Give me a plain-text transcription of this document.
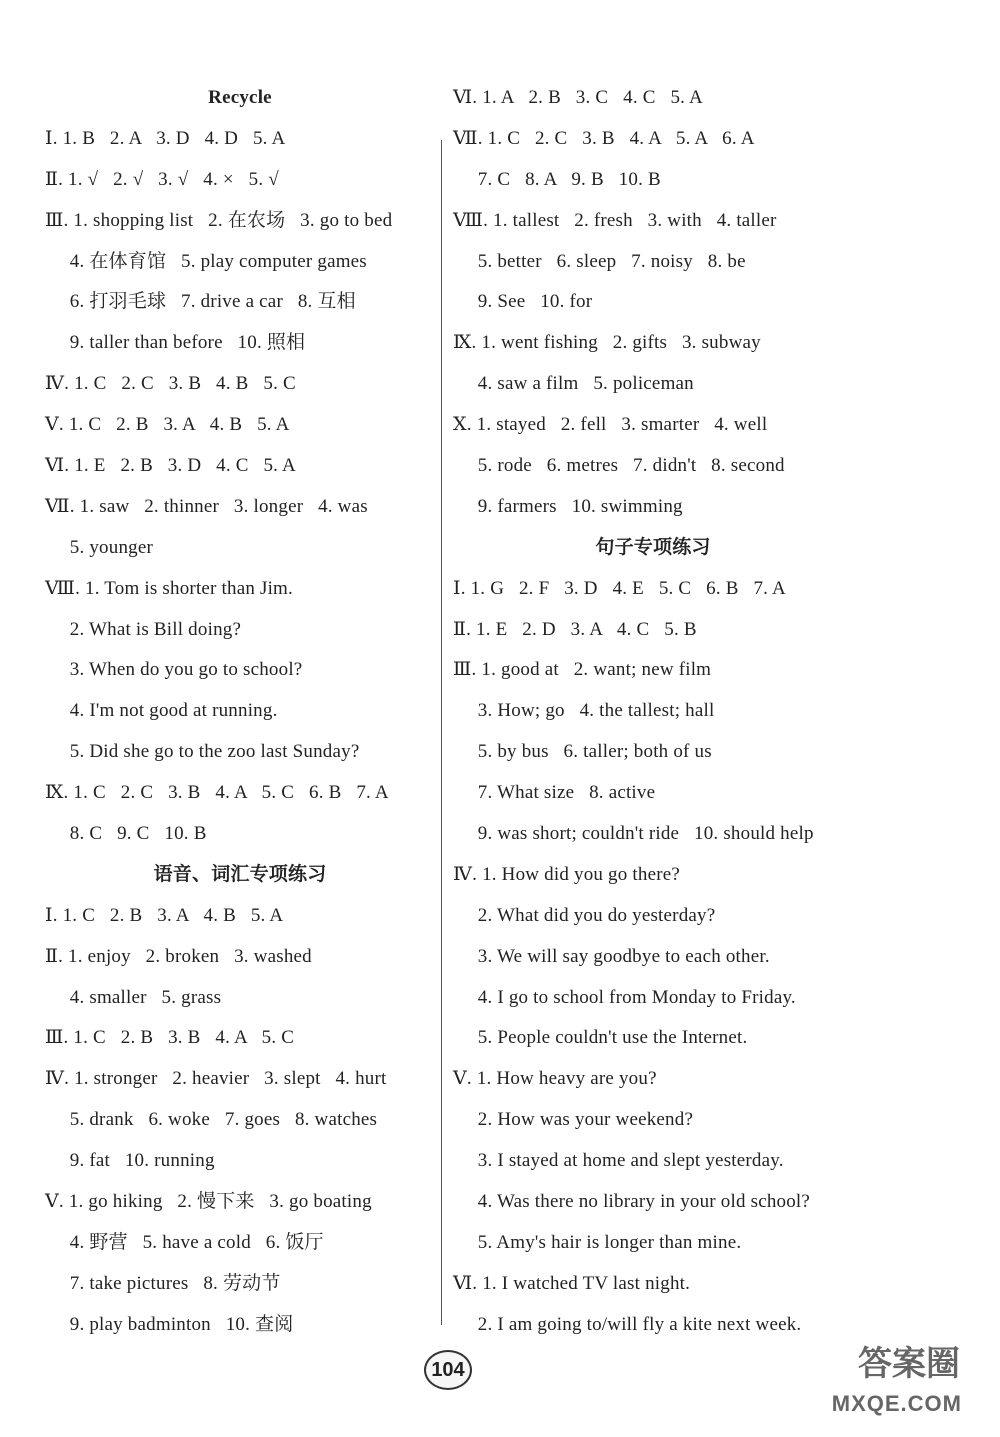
Recycle
Ⅰ. 1. B   2. A   3. D   4. D   5. A
Ⅱ. 1. √   2. √   3. √   4. ×   5. √
Ⅲ. 1. shopping list   2. 在农场   3. go to bed
4. 在体育馆   5. play computer games
6. 打羽毛球   7. drive a car   8. 互相
9. taller than before   10. 照相
Ⅳ. 1. C   2. C   3. B   4. B   5. C
Ⅴ. 1. C   2. B   3. A   4. B   5. A
Ⅵ. 1. E   2. B   3. D   4. C   5. A
Ⅶ. 1. saw   2. thinner   3. longer   4. was
5. younger
Ⅷ. 1. Tom is shorter than Jim.
2. What is Bill doing?
3. When do you go to school?
4. I'm not good at running.
5. Did she go to the zoo last Sunday?
Ⅸ. 1. C   2. C   3. B   4. A   5. C   6. B   7. A
8. C   9. C   10. B
语音、词汇专项练习
Ⅰ. 1. C   2. B   3. A   4. B   5. A
Ⅱ. 1. enjoy   2. broken   3. washed
4. smaller   5. grass
Ⅲ. 1. C   2. B   3. B   4. A   5. C
Ⅳ. 1. stronger   2. heavier   3. slept   4. hurt
5. drank   6. woke   7. goes   8. watches
9. fat   10. running
Ⅴ. 1. go hiking   2. 慢下来   3. go boating
4. 野营   5. have a cold   6. 饭厅
7. take pictures   8. 劳动节
9. play badminton   10. 查阅
Ⅵ. 1. A   2. B   3. C   4. C   5. A
Ⅶ. 1. C   2. C   3. B   4. A   5. A   6. A
7. C   8. A   9. B   10. B
Ⅷ. 1. tallest   2. fresh   3. with   4. taller
5. better   6. sleep   7. noisy   8. be
9. See   10. for
Ⅸ. 1. went fishing   2. gifts   3. subway
4. saw a film   5. policeman
Ⅹ. 1. stayed   2. fell   3. smarter   4. well
5. rode   6. metres   7. didn't   8. second
9. farmers   10. swimming
句子专项练习
Ⅰ. 1. G   2. F   3. D   4. E   5. C   6. B   7. A
Ⅱ. 1. E   2. D   3. A   4. C   5. B
Ⅲ. 1. good at   2. want; new film
3. How; go   4. the tallest; hall
5. by bus   6. taller; both of us
7. What size   8. active
9. was short; couldn't ride   10. should help
Ⅳ. 1. How did you go there?
2. What did you do yesterday?
3. We will say goodbye to each other.
4. I go to school from Monday to Friday.
5. People couldn't use the Internet.
Ⅴ. 1. How heavy are you?
2. How was your weekend?
3. I stayed at home and slept yesterday.
4. Was there no library in your old school?
5. Amy's hair is longer than mine.
Ⅵ. 1. I watched TV last night.
2. I am going to/will fly a kite next week.
104	答案圈
MXQE.COM
